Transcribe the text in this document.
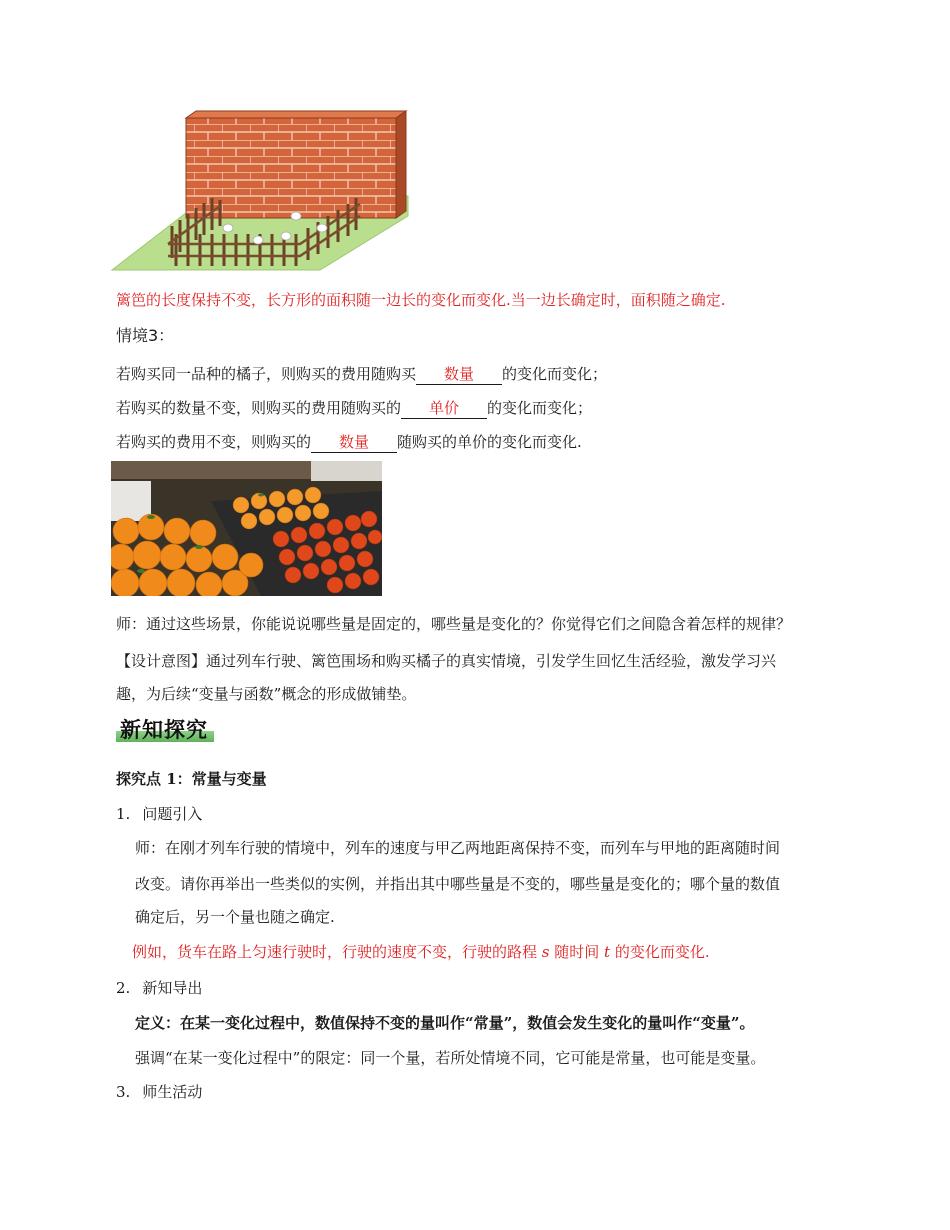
篱笆的长度保持不变，长方形的面积随一边长的变化而变化.当一边长确定时，面积随之确定.
情境3：
若购买同一品种的橘子，则购买的费用随购买 数量 的变化而变化；
若购买的数量不变，则购买的费用随购买的 单价 的变化而变化；
若购买的费用不变，则购买的 数量 随购买的单价的变化而变化.
师：通过这些场景，你能说说哪些量是固定的，哪些量是变化的？你觉得它们之间隐含着怎样的规律？
【设计意图】通过列车行驶、篱笆围场和购买橘子的真实情境，引发学生回忆生活经验，激发学习兴
趣，为后续“变量与函数”概念的形成做铺垫。
新知探究
探究点 1：常量与变量
1. 问题引入
师：在刚才列车行驶的情境中，列车的速度与甲乙两地距离保持不变，而列车与甲地的距离随时间
改变。请你再举出一些类似的实例，并指出其中哪些量是不变的，哪些量是变化的；哪个量的数值
确定后，另一个量也随之确定.
例如，货车在路上匀速行驶时，行驶的速度不变，行驶的路程 s 随时间 t 的变化而变化.
2. 新知导出
定义：在某一变化过程中，数值保持不变的量叫作“常量”，数值会发生变化的量叫作“变量”。
强调“在某一变化过程中”的限定：同一个量，若所处情境不同，它可能是常量，也可能是变量。
3. 师生活动
